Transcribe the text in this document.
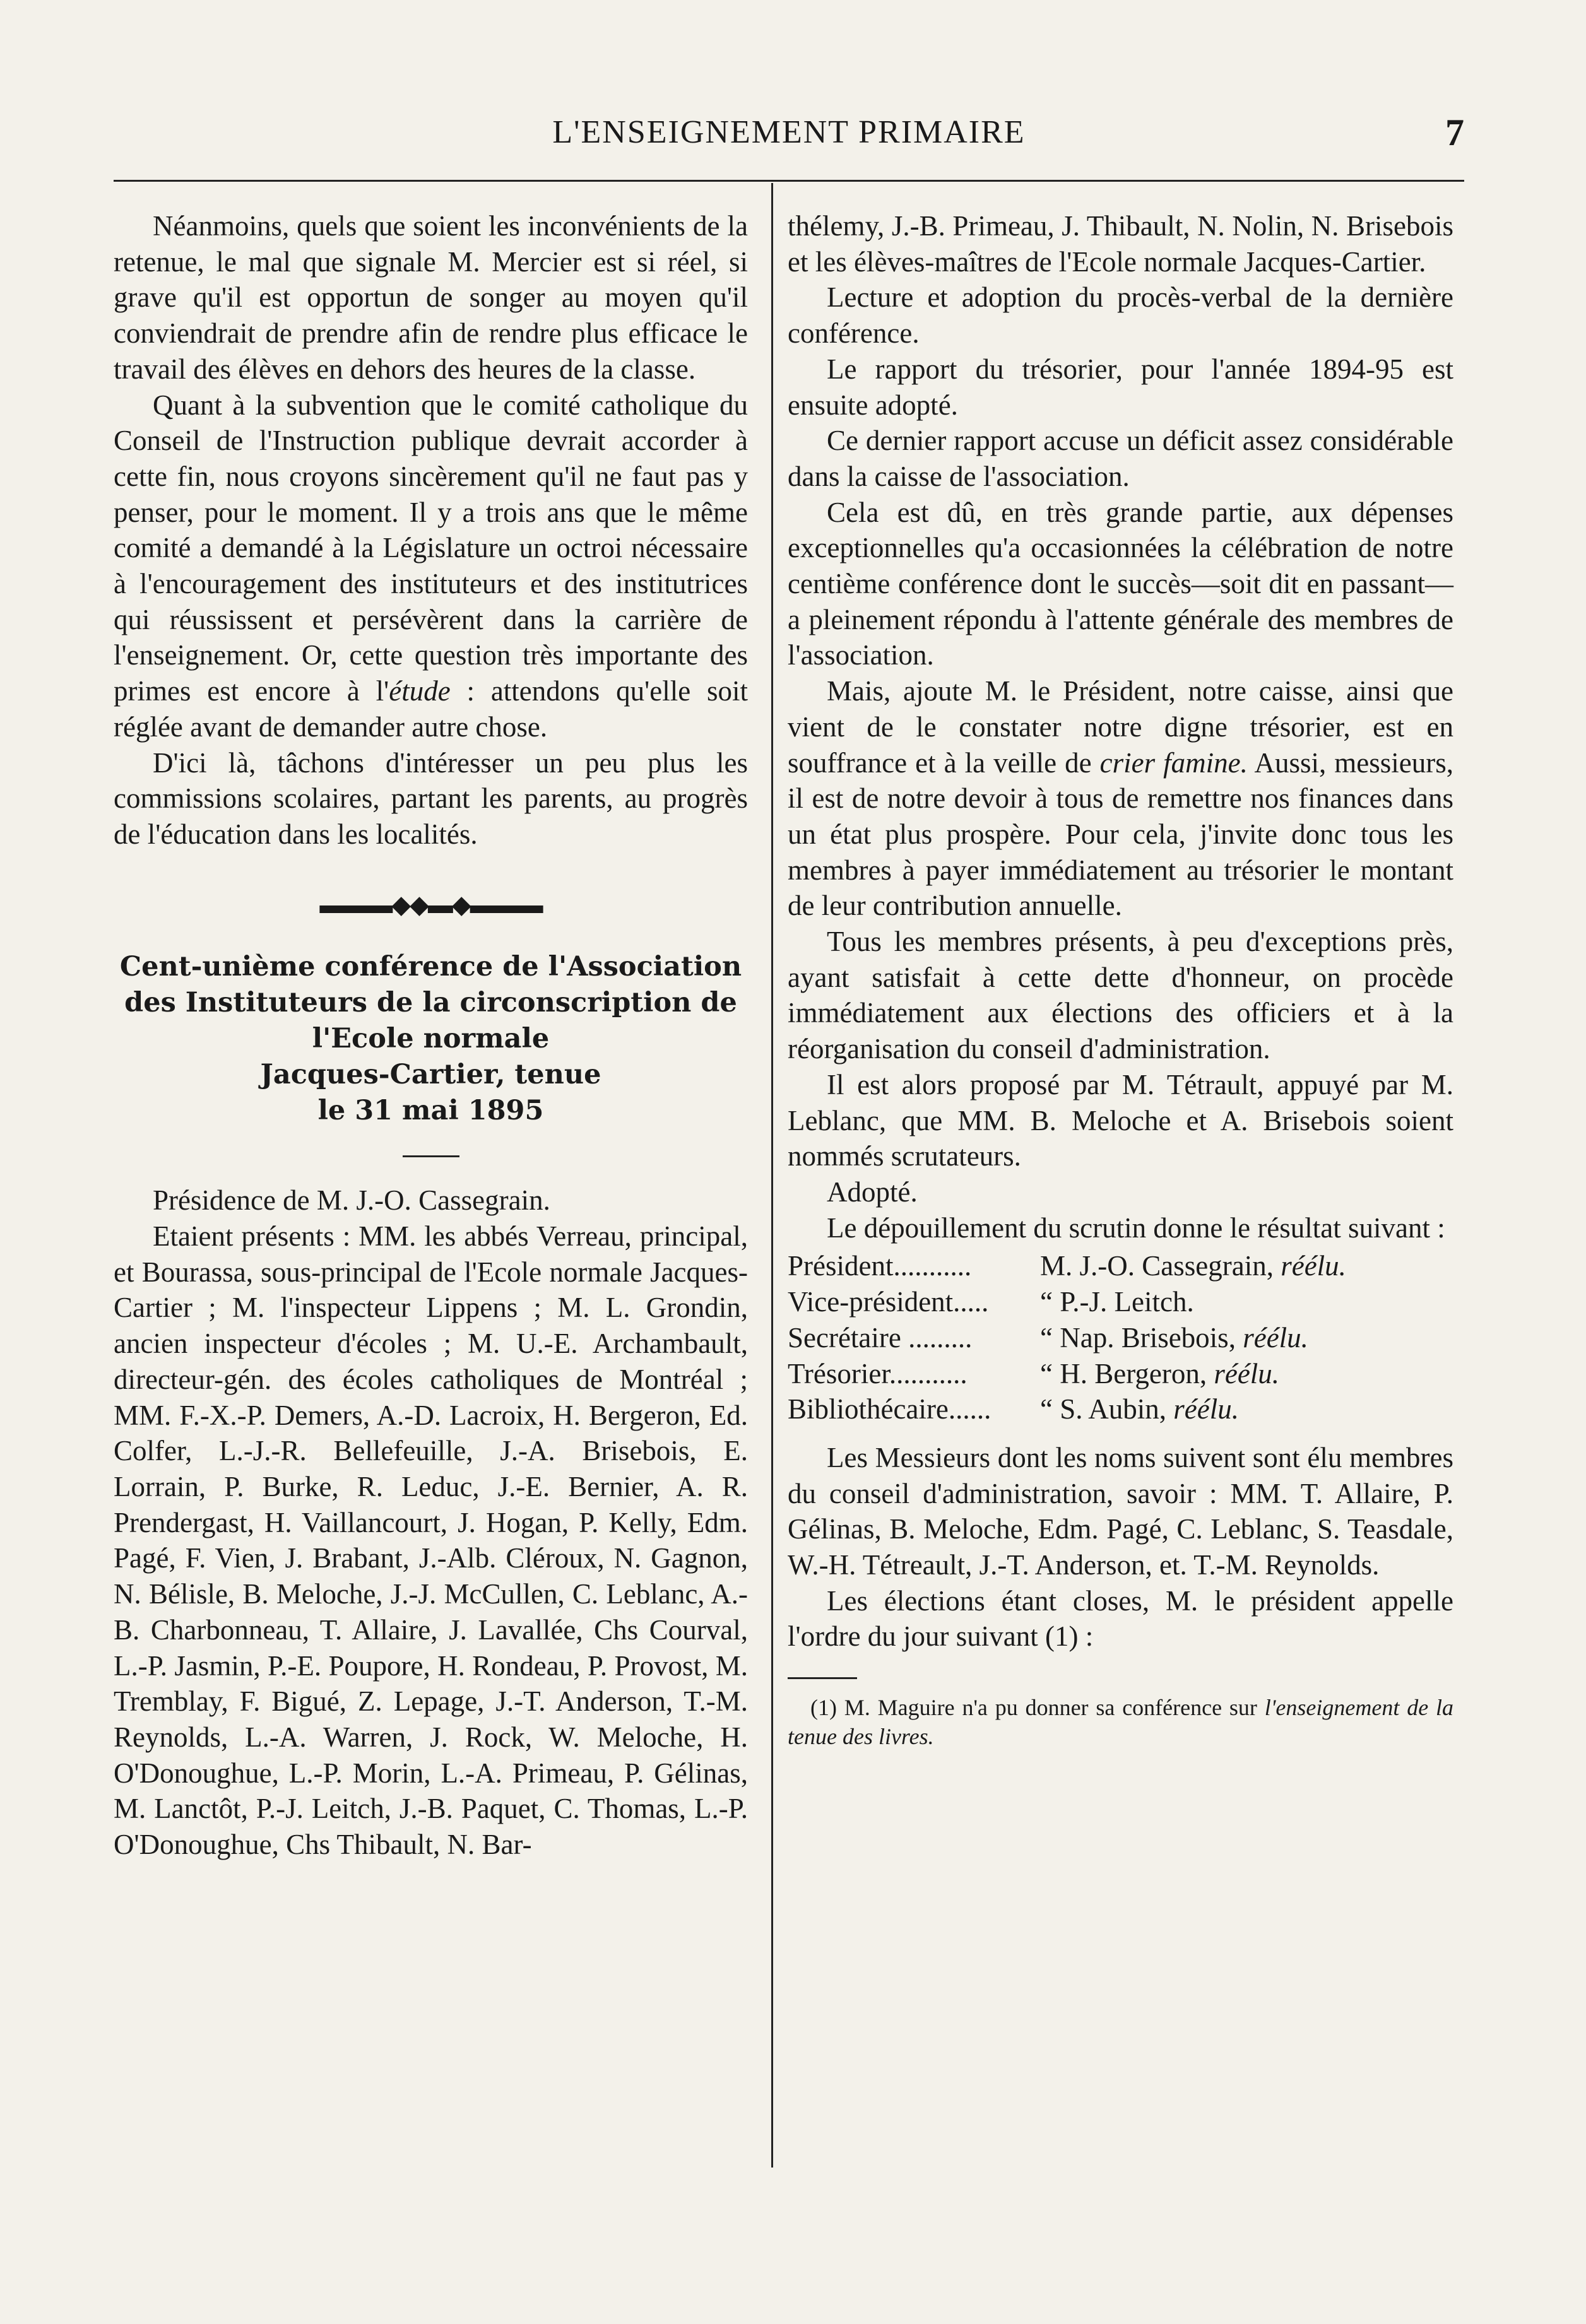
L'ENSEIGNEMENT PRIMAIRE	7

Néanmoins, quels que soient les inconvénients de la retenue, le mal que signale M. Mercier est si réel, si grave qu'il est opportun de songer au moyen qu'il conviendrait de prendre afin de rendre plus efficace le travail des élèves en dehors des heures de la classe.

Quant à la subvention que le comité catholique du Conseil de l'Instruction publique devrait accorder à cette fin, nous croyons sincèrement qu'il ne faut pas y penser, pour le moment. Il y a trois ans que le même comité a demandé à la Législature un octroi nécessaire à l'encouragement des instituteurs et des institutrices qui réussissent et persévèrent dans la carrière de l'enseignement. Or, cette question très importante des primes est encore à l'étude : attendons qu'elle soit réglée avant de demander autre chose.

D'ici là, tâchons d'intéresser un peu plus les commissions scolaires, partant les parents, au progrès de l'éducation dans les localités.

▬▬▬◆◆▬◆▬▬▬
Cent-unième conférence de l'Association des Instituteurs de la circonscription de l'Ecole normale
Jacques-Cartier, tenue
le 31 mai 1895

Présidence de M. J.-O. Cassegrain.

Etaient présents : MM. les abbés Verreau, principal, et Bourassa, sous-principal de l'Ecole normale Jacques-Cartier ; M. l'inspecteur Lippens ; M. L. Grondin, ancien inspecteur d'écoles ; M. U.-E. Archambault, directeur-gén. des écoles catholiques de Montréal ; MM. F.-X.-P. Demers, A.-D. Lacroix, H. Bergeron, Ed. Colfer, L.-J.-R. Bellefeuille, J.-A. Brisebois, E. Lorrain, P. Burke, R. Leduc, J.-E. Bernier, A. R. Prendergast, H. Vaillancourt, J. Hogan, P. Kelly, Edm. Pagé, F. Vien, J. Brabant, J.-Alb. Cléroux, N. Gagnon, N. Bélisle, B. Meloche, J.-J. McCullen, C. Leblanc, A.-B. Charbonneau, T. Allaire, J. Lavallée, Chs Courval, L.-P. Jasmin, P.-E. Poupore, H. Rondeau, P. Provost, M. Tremblay, F. Bigué, Z. Lepage, J.-T. Anderson, T.-M. Reynolds, L.-A. Warren, J. Rock, W. Meloche, H. O'Donoughue, L.-P. Morin, L.-A. Primeau, P. Gélinas, M. Lanctôt, P.-J. Leitch, J.-B. Paquet, C. Thomas, L.-P. O'Donoughue, Chs Thibault, N. Bar-

thélemy, J.-B. Primeau, J. Thibault, N. Nolin, N. Brisebois et les élèves-maîtres de l'Ecole normale Jacques-Cartier.

Lecture et adoption du procès-verbal de la dernière conférence.

Le rapport du trésorier, pour l'année 1894-95 est ensuite adopté.

Ce dernier rapport accuse un déficit assez considérable dans la caisse de l'association.

Cela est dû, en très grande partie, aux dépenses exceptionnelles qu'a occasionnées la célébration de notre centième conférence dont le succès—soit dit en passant—a pleinement répondu à l'attente générale des membres de l'association.

Mais, ajoute M. le Président, notre caisse, ainsi que vient de le constater notre digne trésorier, est en souffrance et à la veille de crier famine. Aussi, messieurs, il est de notre devoir à tous de remettre nos finances dans un état plus prospère. Pour cela, j'invite donc tous les membres à payer immédiatement au trésorier le montant de leur contribution annuelle.

Tous les membres présents, à peu d'exceptions près, ayant satisfait à cette dette d'honneur, on procède immédiatement aux élections des officiers et à la réorganisation du conseil d'administration.

Il est alors proposé par M. Tétrault, appuyé par M. Leblanc, que MM. B. Meloche et A. Brisebois soient nommés scrutateurs.

Adopté.

Le dépouillement du scrutin donne le résultat suivant :

Président...........	M. J.-O. Cassegrain, réélu.
Vice-président.....	“ P.-J. Leitch.
Secrétaire .........	“ Nap. Brisebois, réélu.
Trésorier...........	“ H. Bergeron, réélu.
Bibliothécaire......	“ S. Aubin, réélu.

Les Messieurs dont les noms suivent sont élu membres du conseil d'administration, savoir : MM. T. Allaire, P. Gélinas, B. Meloche, Edm. Pagé, C. Leblanc, S. Teasdale, W.-H. Tétreault, J.-T. Anderson, et. T.-M. Reynolds.

Les élections étant closes, M. le président appelle l'ordre du jour suivant (1) :

(1) M. Maguire n'a pu donner sa conférence sur l'enseignement de la tenue des livres.
